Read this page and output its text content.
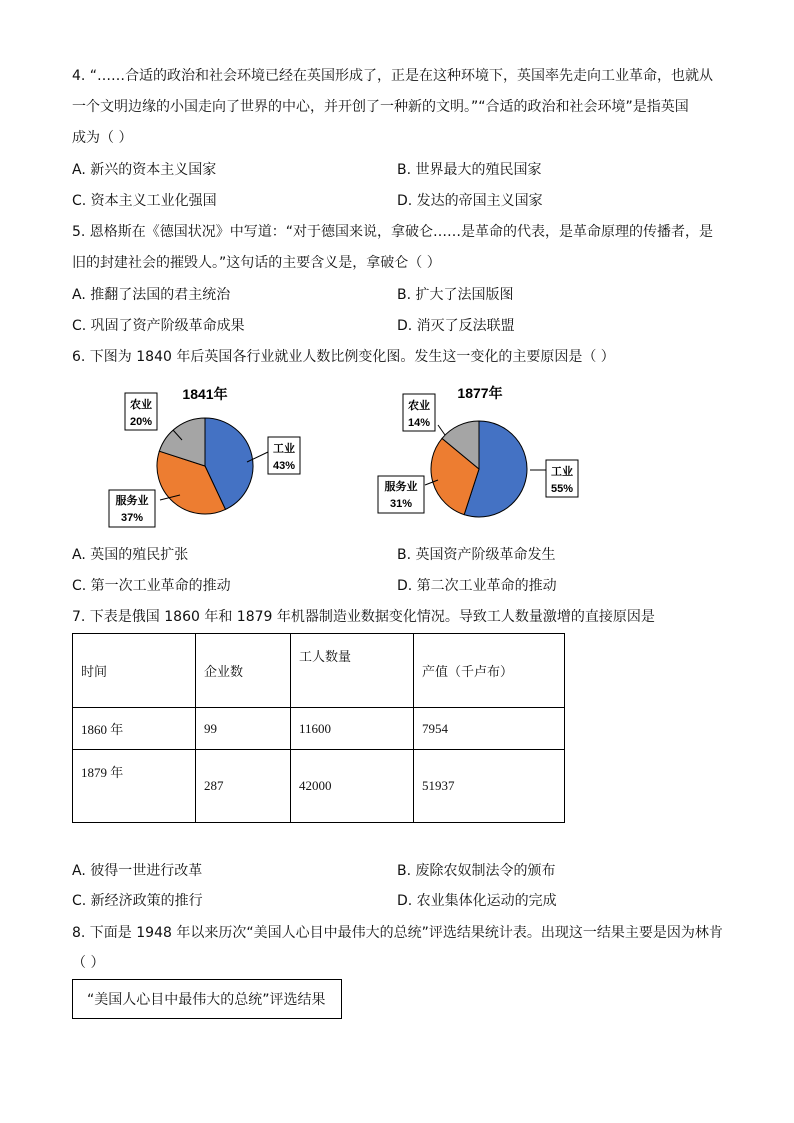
4. “……合适的政治和社会环境已经在英国形成了，正是在这种环境下，英国率先走向工业革命，也就从
一个文明边缘的小国走向了世界的中心，并开创了一种新的文明。”“合适的政治和社会环境”是指英国
成为（ ）
A. 新兴的资本主义国家	B. 世界最大的殖民国家
C. 资本主义工业化强国	D. 发达的帝国主义国家
5. 恩格斯在《德国状况》中写道：“对于德国来说，拿破仑……是革命的代表，是革命原理的传播者，是
旧的封建社会的摧毁人。”这句话的主要含义是，拿破仑（ ）
A. 推翻了法国的君主统治	B. 扩大了法国版图
C. 巩固了资产阶级革命成果	D. 消灭了反法联盟
6. 下图为 1840 年后英国各行业就业人数比例变化图。发生这一变化的主要原因是（ ）
1841年
农业
20%
工业
43%
服务业
37%
1877年
农业
14%
工业
55%
服务业
31%
A. 英国的殖民扩张	B. 英国资产阶级革命发生
C. 第一次工业革命的推动	D. 第二次工业革命的推动
7. 下表是俄国 1860 年和 1879 年机器制造业数据变化情况。导致工人数量激增的直接原因是
时间	企业数	工人数量	产值（千卢布）
1860 年	99	11600	7954
1879 年	287	42000	51937
A. 彼得一世进行改革	B. 废除农奴制法令的颁布
C. 新经济政策的推行	D. 农业集体化运动的完成
8. 下面是 1948 年以来历次“美国人心目中最伟大的总统”评选结果统计表。出现这一结果主要是因为林肯
（ ）
“美国人心目中最伟大的总统”评选结果
